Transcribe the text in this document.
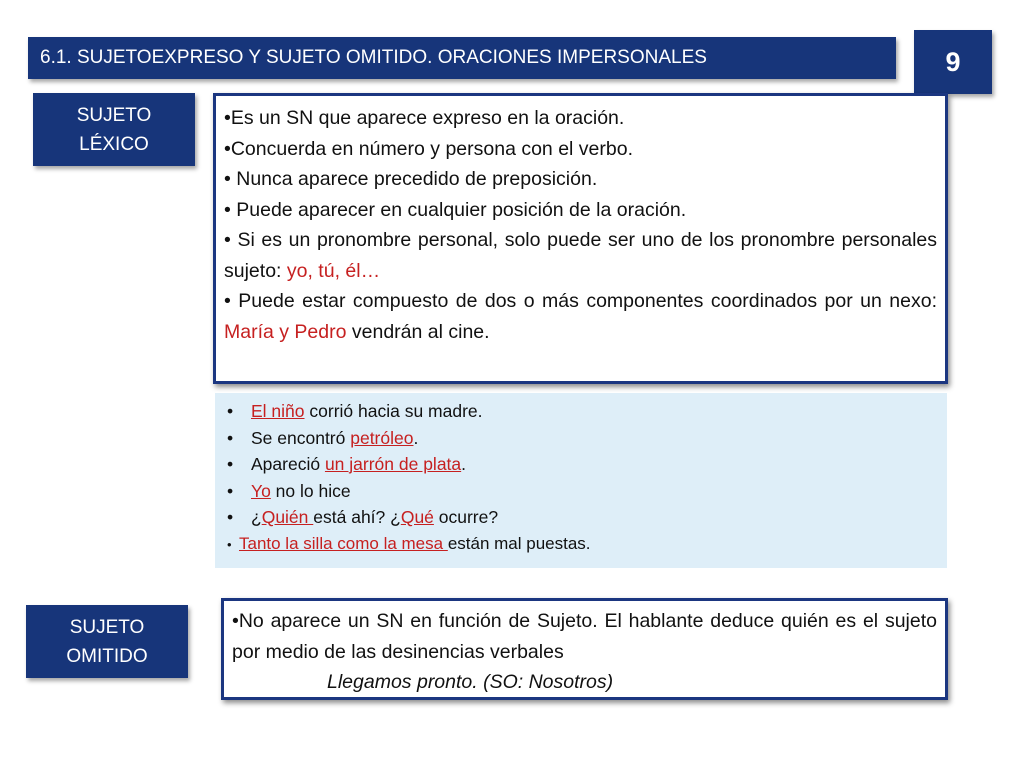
6.1. SUJETOEXPRESO Y SUJETO OMITIDO. ORACIONES IMPERSONALES	9
SUJETO
LÉXICO

•Es un SN que aparece expreso en la oración.

•Concuerda en número y persona con el verbo.

• Nunca aparece precedido de preposición.

• Puede aparecer en cualquier posición de la oración.

• Si es un pronombre personal, solo puede ser uno de los pronombre personales sujeto: yo, tú, él…

• Puede estar compuesto de dos o más componentes coordinados por un nexo: María y Pedro vendrán al cine.

• El niño corrió hacia su madre.

• Se encontró petróleo.

• Apareció un jarrón de plata.

• Yo no lo hice

• ¿Quién está ahí? ¿Qué ocurre?

• Tanto la silla como la mesa están mal puestas.

SUJETO
OMITIDO

•No aparece un SN en función de Sujeto. El hablante deduce quién es el sujeto por medio de las desinencias verbales

Llegamos pronto. (SO: Nosotros)
